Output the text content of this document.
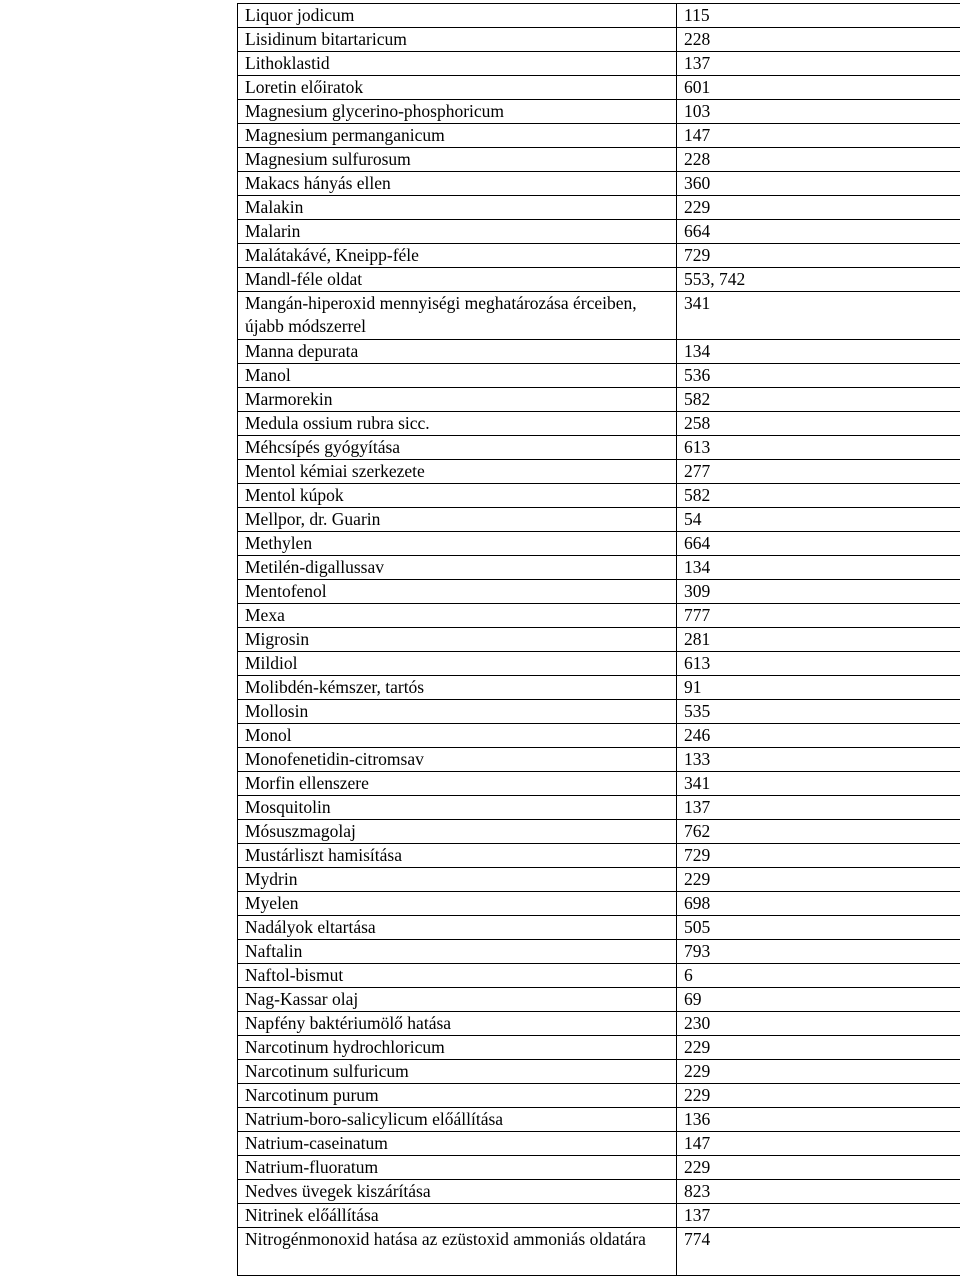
Liquor jodicum	115
Lisidinum bitartaricum	228
Lithoklastid	137
Loretin előiratok	601
Magnesium glycerino-phosphoricum	103
Magnesium permanganicum	147
Magnesium sulfurosum	228
Makacs hányás ellen	360
Malakin	229
Malarin	664
Malátakávé, Kneipp-féle	729
Mandl-féle oldat	553, 742
Mangán-hiperoxid mennyiségi meghatározása érceiben, újabb módszerrel	341
Manna depurata	134
Manol	536
Marmorekin	582
Medula ossium rubra sicc.	258
Méhcsípés gyógyítása	613
Mentol kémiai szerkezete	277
Mentol kúpok	582
Mellpor, dr. Guarin	54
Methylen	664
Metilén-digallussav	134
Mentofenol	309
Mexa	777
Migrosin	281
Mildiol	613
Molibdén-kémszer, tartós	91
Mollosin	535
Monol	246
Monofenetidin-citromsav	133
Morfin ellenszere	341
Mosquitolin	137
Mósuszmagolaj	762
Mustárliszt hamisítása	729
Mydrin	229
Myelen	698
Nadályok eltartása	505
Naftalin	793
Naftol-bismut	6
Nag-Kassar olaj	69
Napfény baktériumölő hatása	230
Narcotinum hydrochloricum	229
Narcotinum sulfuricum	229
Narcotinum purum	229
Natrium-boro-salicylicum előállítása	136
Natrium-caseinatum	147
Natrium-fluoratum	229
Nedves üvegek kiszárítása	823
Nitrinek előállítása	137
Nitrogénmonoxid hatása az ezüstoxid ammoniás oldatára	774
